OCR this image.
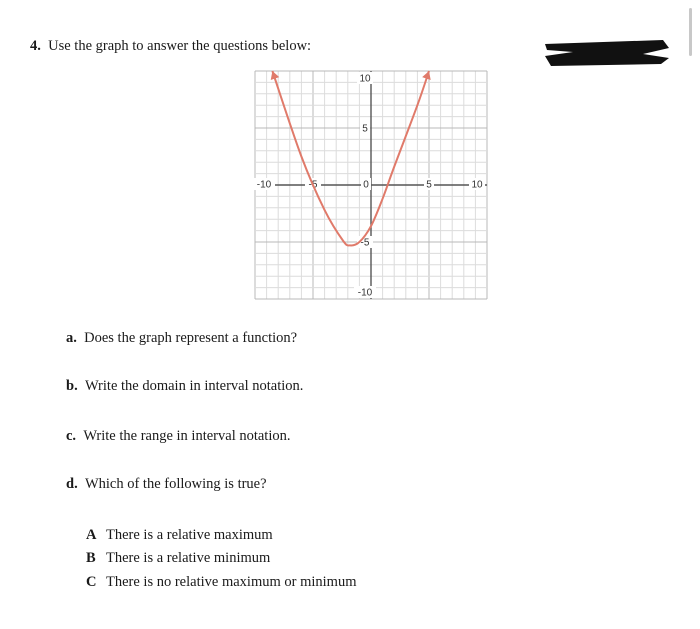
4. Use the graph to answer the questions below:
-10	-5	0	5	10
10
5
-5
-10
a. Does the graph represent a function?
b. Write the domain in interval notation.
c. Write the range in interval notation.
d. Which of the following is true?
A There is a relative maximum
B There is a relative minimum
C There is no relative maximum or minimum
